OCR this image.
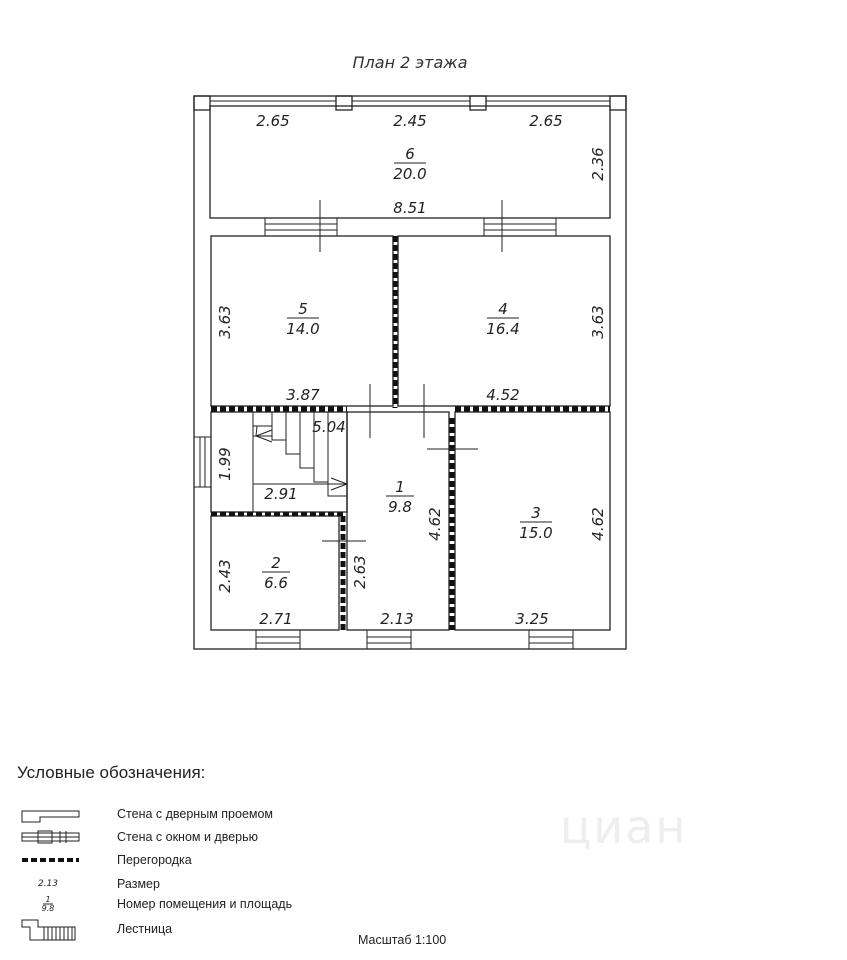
План 2 этажа
6
20.0
5
14.0
4
16.4
1
9.8	3
15.0
2
6.6
2.65	2.45	2.65
8.51
3.87	4.52
5.04
2.91
2.71	2.13	3.25
2.36
3.63	3.63
1.99
4.62	4.62
2.43	2.63
2.13
1
9.8
циан
Условные обозначения:
Стена с дверным проемом
Стена с окном и дверью
Перегородка
Размер
Номер помещения и площадь
Лестница
Масштаб 1:100
